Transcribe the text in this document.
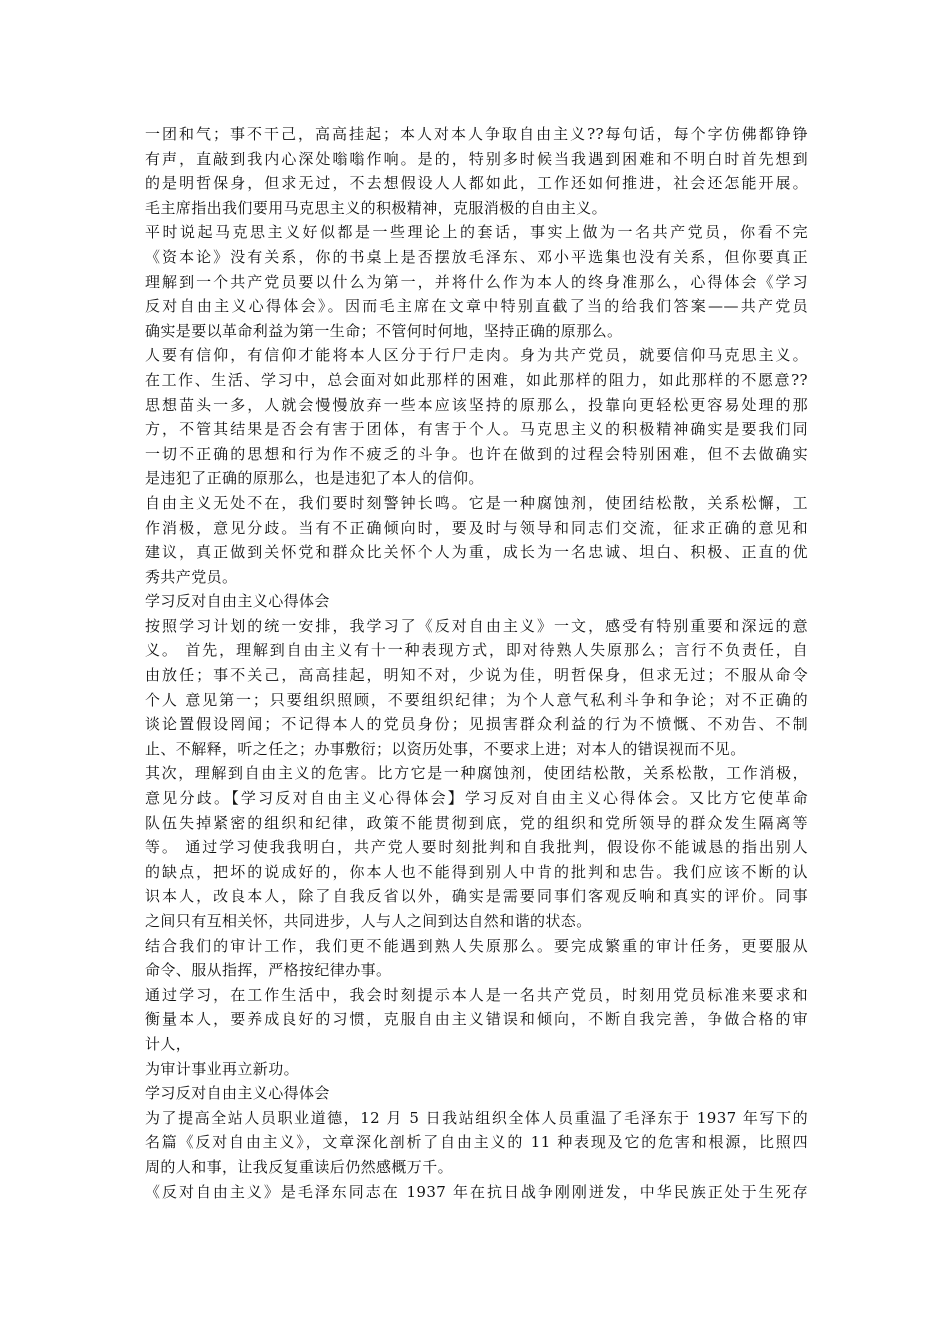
一团和气；事不干己，高高挂起；本人对本人争取自由主义??每句话，每个字仿佛都铮铮
有声，直敲到我内心深处嗡嗡作响。是的，特别多时候当我遇到困难和不明白时首先想到
的是明哲保身，但求无过，不去想假设人人都如此，工作还如何推进，社会还怎能开展。
毛主席指出我们要用马克思主义的积极精神，克服消极的自由主义。
平时说起马克思主义好似都是一些理论上的套话，事实上做为一名共产党员，你看不完
《资本论》没有关系，你的书桌上是否摆放毛泽东、邓小平选集也没有关系，但你要真正
理解到一个共产党员要以什么为第一，并将什么作为本人的终身准那么，心得体会《学习
反对自由主义心得体会》。因而毛主席在文章中特别直截了当的给我们答案——共产党员
确实是要以革命利益为第一生命；不管何时何地，坚持正确的原那么。
人要有信仰，有信仰才能将本人区分于行尸走肉。身为共产党员，就要信仰马克思主义。
在工作、生活、学习中，总会面对如此那样的困难，如此那样的阻力，如此那样的不愿意??
思想苗头一多，人就会慢慢放弃一些本应该坚持的原那么，投靠向更轻松更容易处理的那
方，不管其结果是否会有害于团体，有害于个人。马克思主义的积极精神确实是要我们同
一切不正确的思想和行为作不疲乏的斗争。也许在做到的过程会特别困难，但不去做确实
是违犯了正确的原那么，也是违犯了本人的信仰。
自由主义无处不在，我们要时刻警钟长鸣。它是一种腐蚀剂，使团结松散，关系松懈，工
作消极，意见分歧。当有不正确倾向时，要及时与领导和同志们交流，征求正确的意见和
建议，真正做到关怀党和群众比关怀个人为重，成长为一名忠诚、坦白、积极、正直的优
秀共产党员。
学习反对自由主义心得体会
按照学习计划的统一安排，我学习了《反对自由主义》一文，感受有特别重要和深远的意
义。 首先，理解到自由主义有十一种表现方式，即对待熟人失原那么；言行不负责任，自
由放任；事不关己，高高挂起，明知不对，少说为佳，明哲保身，但求无过；不服从命令
个人 意见第一；只要组织照顾，不要组织纪律；为个人意气私利斗争和争论；对不正确的
谈论置假设罔闻；不记得本人的党员身份；见损害群众利益的行为不愤慨、不劝告、不制
止、不解释，听之任之；办事敷衍；以资历处事，不要求上进；对本人的错误视而不见。
其次，理解到自由主义的危害。比方它是一种腐蚀剂，使团结松散，关系松散，工作消极，
意见分歧。【学习反对自由主义心得体会】学习反对自由主义心得体会。又比方它使革命
队伍失掉紧密的组织和纪律，政策不能贯彻到底，党的组织和党所领导的群众发生隔离等
等。 通过学习使我我明白，共产党人要时刻批判和自我批判，假设你不能诚恳的指出别人
的缺点，把坏的说成好的，你本人也不能得到别人中肯的批判和忠告。我们应该不断的认
识本人，改良本人，除了自我反省以外，确实是需要同事们客观反响和真实的评价。同事
之间只有互相关怀，共同进步，人与人之间到达自然和谐的状态。
结合我们的审计工作，我们更不能遇到熟人失原那么。要完成繁重的审计任务，更要服从
命令、服从指挥，严格按纪律办事。
通过学习，在工作生活中，我会时刻提示本人是一名共产党员，时刻用党员标准来要求和
衡量本人，要养成良好的习惯，克服自由主义错误和倾向，不断自我完善，争做合格的审
计人，
为审计事业再立新功。
学习反对自由主义心得体会
为了提高全站人员职业道德，12 月 5 日我站组织全体人员重温了毛泽东于 1937 年写下的
名篇《反对自由主义》，文章深化剖析了自由主义的 11 种表现及它的危害和根源，比照四
周的人和事，让我反复重读后仍然感概万千。
《反对自由主义》是毛泽东同志在 1937 年在抗日战争刚刚迸发，中华民族正处于生死存
